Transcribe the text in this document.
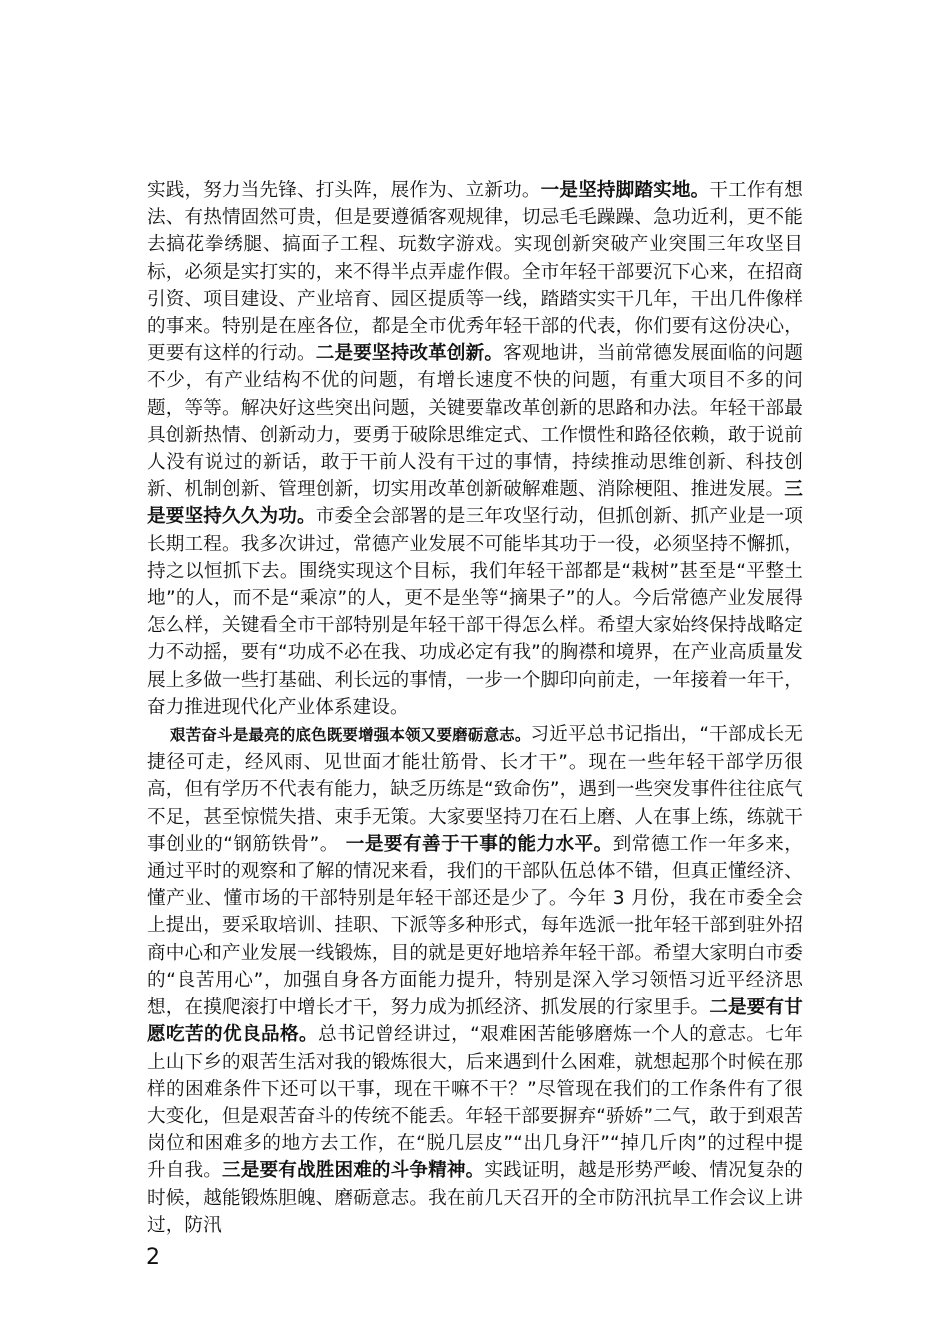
实践，努力当先锋、打头阵，展作为、立新功。一是坚持脚踏实地。干工作有想法、有热情固然可贵，但是要遵循客观规律，切忌毛毛躁躁、急功近利，更不能去搞花拳绣腿、搞面子工程、玩数字游戏。实现创新突破产业突围三年攻坚目标，必须是实打实的，来不得半点弄虚作假。全市年轻干部要沉下心来，在招商引资、项目建设、产业培育、园区提质等一线，踏踏实实干几年，干出几件像样的事来。特别是在座各位，都是全市优秀年轻干部的代表，你们要有这份决心，更要有这样的行动。二是要坚持改革创新。客观地讲，当前常德发展面临的问题不少，有产业结构不优的问题，有增长速度不快的问题，有重大项目不多的问题，等等。解决好这些突出问题，关键要靠改革创新的思路和办法。年轻干部最具创新热情、创新动力，要勇于破除思维定式、工作惯性和路径依赖，敢于说前人没有说过的新话，敢于干前人没有干过的事情，持续推动思维创新、科技创新、机制创新、管理创新，切实用改革创新破解难题、消除梗阻、推进发展。三是要坚持久久为功。市委全会部署的是三年攻坚行动，但抓创新、抓产业是一项长期工程。我多次讲过，常德产业发展不可能毕其功于一役，必须坚持不懈抓，持之以恒抓下去。围绕实现这个目标，我们年轻干部都是“栽树”甚至是“平整土地”的人，而不是“乘凉”的人，更不是坐等“摘果子”的人。今后常德产业发展得怎么样，关键看全市干部特别是年轻干部干得怎么样。希望大家始终保持战略定力不动摇，要有“功成不必在我、功成必定有我”的胸襟和境界，在产业高质量发展上多做一些打基础、利长远的事情，一步一个脚印向前走，一年接着一年干，奋力推进现代化产业体系建设。

艰苦奋斗是最亮的底色既要增强本领又要磨砺意志。习近平总书记指出，“干部成长无捷径可走，经风雨、见世面才能壮筋骨、长才干”。现在一些年轻干部学历很高，但有学历不代表有能力，缺乏历练是“致命伤”，遇到一些突发事件往往底气不足，甚至惊慌失措、束手无策。大家要坚持刀在石上磨、人在事上练，练就干事创业的“钢筋铁骨”。 一是要有善于干事的能力水平。到常德工作一年多来，通过平时的观察和了解的情况来看，我们的干部队伍总体不错，但真正懂经济、懂产业、懂市场的干部特别是年轻干部还是少了。今年 3 月份，我在市委全会上提出，要采取培训、挂职、下派等多种形式，每年选派一批年轻干部到驻外招商中心和产业发展一线锻炼，目的就是更好地培养年轻干部。希望大家明白市委的“良苦用心”，加强自身各方面能力提升，特别是深入学习领悟习近平经济思想，在摸爬滚打中增长才干，努力成为抓经济、抓发展的行家里手。二是要有甘愿吃苦的优良品格。总书记曾经讲过，“艰难困苦能够磨炼一个人的意志。七年上山下乡的艰苦生活对我的锻炼很大，后来遇到什么困难，就想起那个时候在那样的困难条件下还可以干事，现在干嘛不干？”尽管现在我们的工作条件有了很大变化，但是艰苦奋斗的传统不能丢。年轻干部要摒弃“骄娇”二气，敢于到艰苦岗位和困难多的地方去工作，在“脱几层皮”“出几身汗”“掉几斤肉”的过程中提升自我。三是要有战胜困难的斗争精神。实践证明，越是形势严峻、情况复杂的时候，越能锻炼胆魄、磨砺意志。我在前几天召开的全市防汛抗旱工作会议上讲过，防汛

2
